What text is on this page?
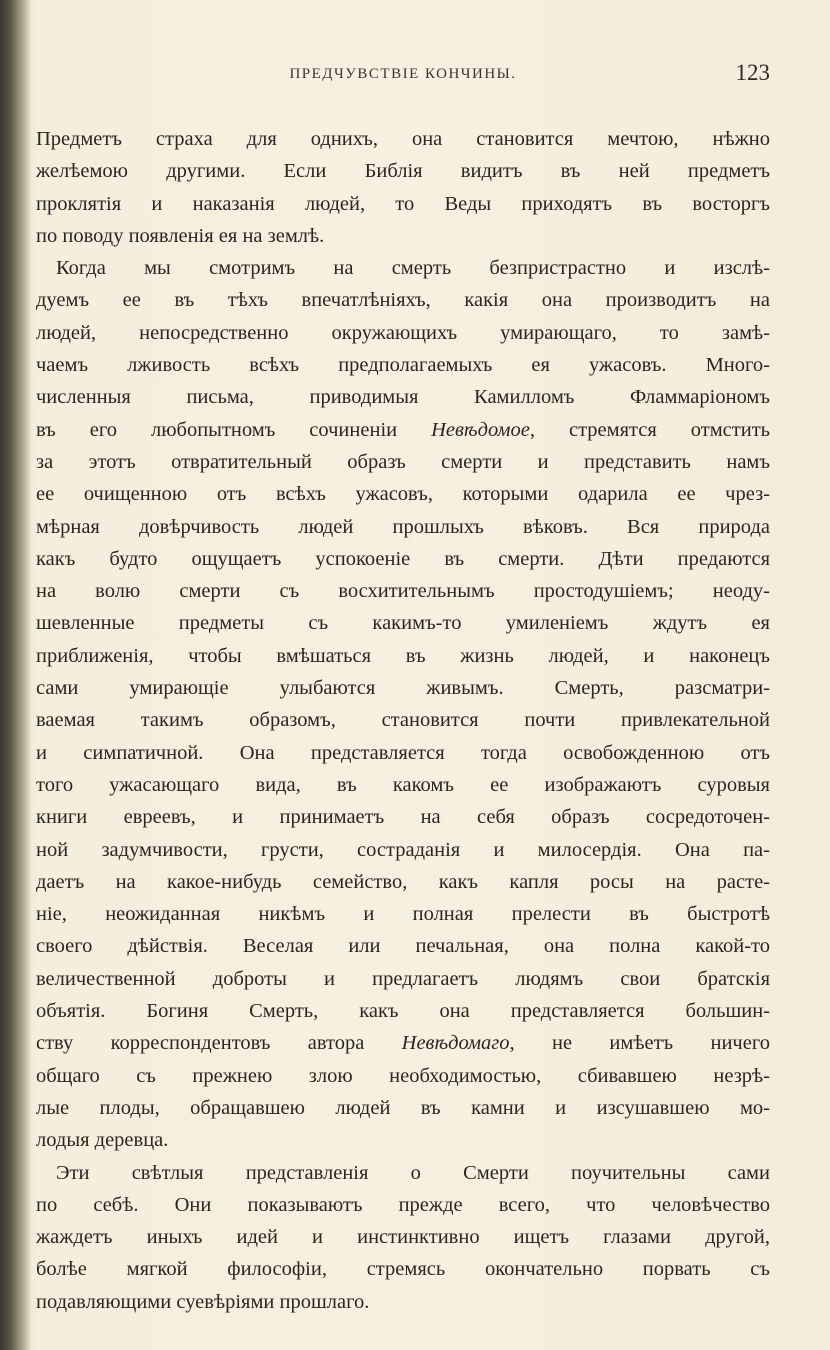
ПРЕДЧУВСТВІЕ КОНЧИНЫ.	123
Предметъ страха для однихъ, она становится мечтою, нѣжно
желѣемою другими. Если Библія видитъ въ ней предметъ
проклятія и наказанія людей, то Веды приходятъ въ восторгъ
по поводу появленія ея на землѣ.
Когда мы смотримъ на смерть безпристрастно и изслѣ-
дуемъ ее въ тѣхъ впечатлѣніяхъ, какія она производитъ на
людей, непосредственно окружающихъ умирающаго, то замѣ-
чаемъ лживость всѣхъ предполагаемыхъ ея ужасовъ. Много-
численныя письма, приводимыя Камилломъ Фламмаріономъ
въ его любопытномъ сочиненіи Невѣдомое, стремятся отмстить
за этотъ отвратительный образъ смерти и представить намъ
ее очищенною отъ всѣхъ ужасовъ, которыми одарила ее чрез-
мѣрная довѣрчивость людей прошлыхъ вѣковъ. Вся природа
какъ будто ощущаетъ успокоеніе въ смерти. Дѣти предаются
на волю смерти съ восхитительнымъ простодушіемъ; неоду-
шевленные предметы съ какимъ-то умиленіемъ ждутъ ея
приближенія, чтобы вмѣшаться въ жизнь людей, и наконецъ
сами умирающіе улыбаются живымъ. Смерть, разсматри-
ваемая такимъ образомъ, становится почти привлекательной
и симпатичной. Она представляется тогда освобожденною отъ
того ужасающаго вида, въ какомъ ее изображаютъ суровыя
книги евреевъ, и принимаетъ на себя образъ сосредоточен-
ной задумчивости, грусти, состраданія и милосердія. Она па-
даетъ на какое-нибудь семейство, какъ капля росы на расте-
ніе, неожиданная никѣмъ и полная прелести въ быстротѣ
своего дѣйствія. Веселая или печальная, она полна какой-то
величественной доброты и предлагаетъ людямъ свои братскія
объятія. Богиня Смерть, какъ она представляется большин-
ству корреспондентовъ автора Невѣдомаго, не имѣетъ ничего
общаго съ прежнею злою необходимостью, сбивавшею незрѣ-
лые плоды, обращавшею людей въ камни и изсушавшею мо-
лодыя деревца.
Эти свѣтлыя представленія о Смерти поучительны сами
по себѣ. Они показываютъ прежде всего, что человѣчество
жаждетъ иныхъ идей и инстинктивно ищетъ глазами другой,
болѣе мягкой философіи, стремясь окончательно порвать съ
подавляющими суевѣріями прошлаго.
